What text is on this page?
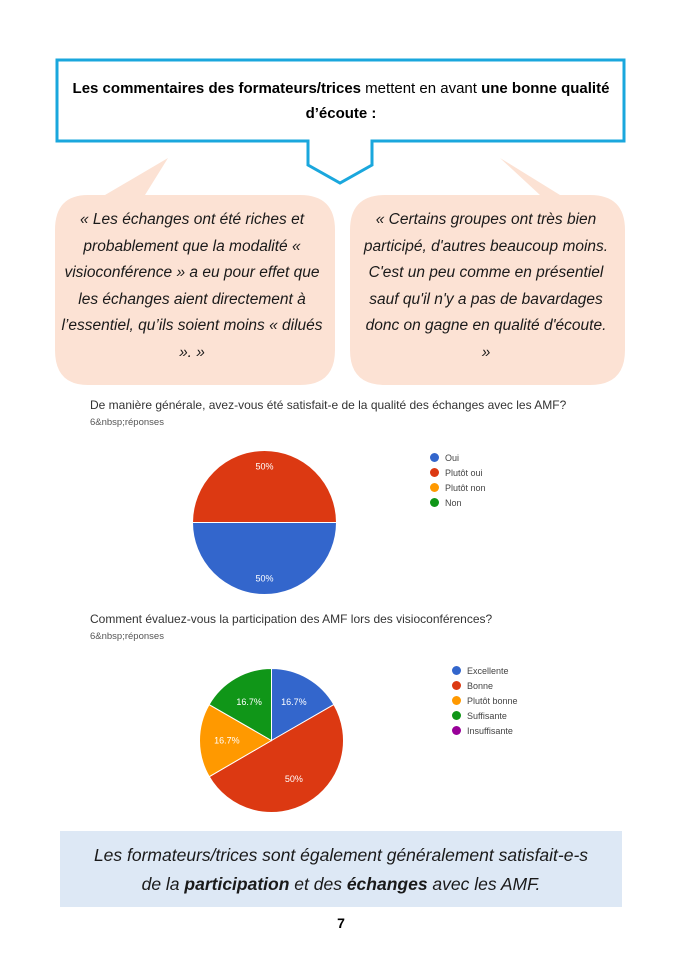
Les commentaires des formateurs/trices mettent en avant une bonne qualité d’écoute :
« Les échanges ont été riches et probablement que la modalité « visioconférence » a eu pour effet que les échanges aient directement à l’essentiel, qu’ils soient moins « dilués ». »
« Certains groupes ont très bien participé, d'autres beaucoup moins. C'est un peu comme en présentiel sauf qu'il n'y a pas de bavardages donc on gagne en qualité d'écoute. »
De manière générale, avez-vous été satisfait-e de la qualité des échanges avec les AMF?
6&nbsp;réponses
50%
50%
Oui
Plutôt oui
Plutôt non
Non
Comment évaluez-vous la participation des AMF lors des visioconférences?
6&nbsp;réponses
16.7%
50%
16.7%
16.7%
Excellente
Bonne
Plutôt bonne
Suffisante
Insuffisante
Les formateurs/trices sont également généralement satisfait-e-s
de la participation et des échanges avec les AMF.
7
